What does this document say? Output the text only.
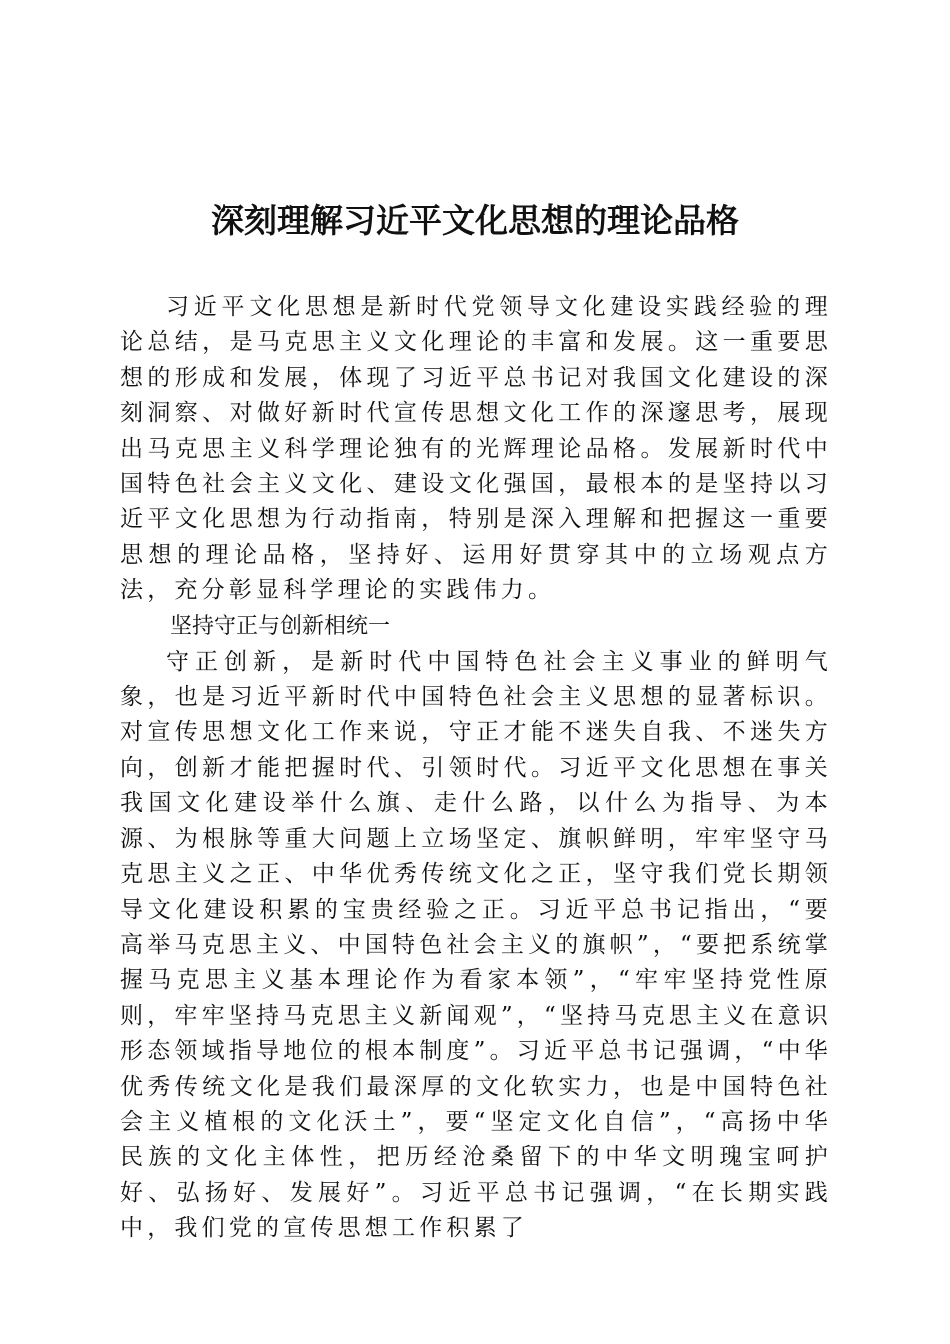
深刻理解习近平文化思想的理论品格

习近平文化思想是新时代党领导文化建设实践经验的理论总结，是马克思主义文化理论的丰富和发展。这一重要思想的形成和发展，体现了习近平总书记对我国文化建设的深刻洞察、对做好新时代宣传思想文化工作的深邃思考，展现出马克思主义科学理论独有的光辉理论品格。发展新时代中国特色社会主义文化、建设文化强国，最根本的是坚持以习近平文化思想为行动指南，特别是深入理解和把握这一重要思想的理论品格，坚持好、运用好贯穿其中的立场观点方法，充分彰显科学理论的实践伟力。

坚持守正与创新相统一

守正创新，是新时代中国特色社会主义事业的鲜明气象，也是习近平新时代中国特色社会主义思想的显著标识。对宣传思想文化工作来说，守正才能不迷失自我、不迷失方向，创新才能把握时代、引领时代。习近平文化思想在事关我国文化建设举什么旗、走什么路，以什么为指导、为本源、为根脉等重大问题上立场坚定、旗帜鲜明，牢牢坚守马克思主义之正、中华优秀传统文化之正，坚守我们党长期领导文化建设积累的宝贵经验之正。习近平总书记指出，“要高举马克思主义、中国特色社会主义的旗帜”，“要把系统掌握马克思主义基本理论作为看家本领”，“牢牢坚持党性原则，牢牢坚持马克思主义新闻观”，“坚持马克思主义在意识形态领域指导地位的根本制度”。习近平总书记强调，“中华优秀传统文化是我们最深厚的文化软实力，也是中国特色社会主义植根的文化沃土”，要“坚定文化自信”，“高扬中华民族的文化主体性，把历经沧桑留下的中华文明瑰宝呵护好、弘扬好、发展好”。习近平总书记强调，“在长期实践中，我们党的宣传思想工作积累了
